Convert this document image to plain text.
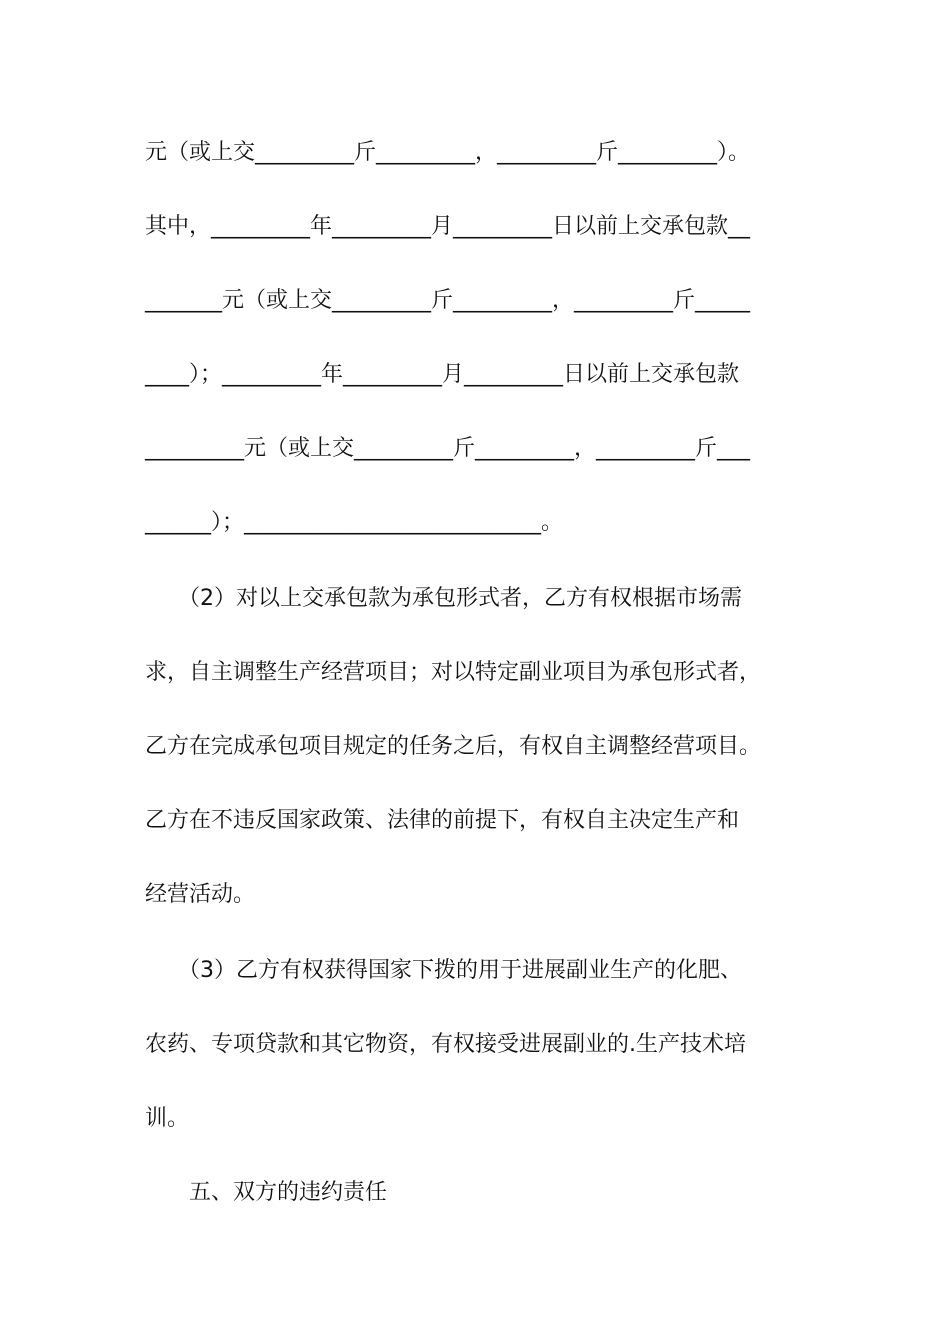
元（或上交_________斤_________，_________斤_________）。
其中，_________年_________月_________日以前上交承包款__
_______元（或上交_________斤_________，_________斤_____
____）；_________年_________月_________日以前上交承包款
_________元（或上交_________斤_________，_________斤___
______）；___________________________。
　　（2）对以上交承包款为承包形式者，乙方有权根据市场需
求，自主调整生产经营项目；对以特定副业项目为承包形式者，
乙方在完成承包项目规定的任务之后，有权自主调整经营项目。
乙方在不违反国家政策、法律的前提下，有权自主决定生产和
经营活动。
　　（3）乙方有权获得国家下拨的用于进展副业生产的化肥、
农药、专项贷款和其它物资，有权接受进展副业的.生产技术培
训。
　　五、双方的违约责任
